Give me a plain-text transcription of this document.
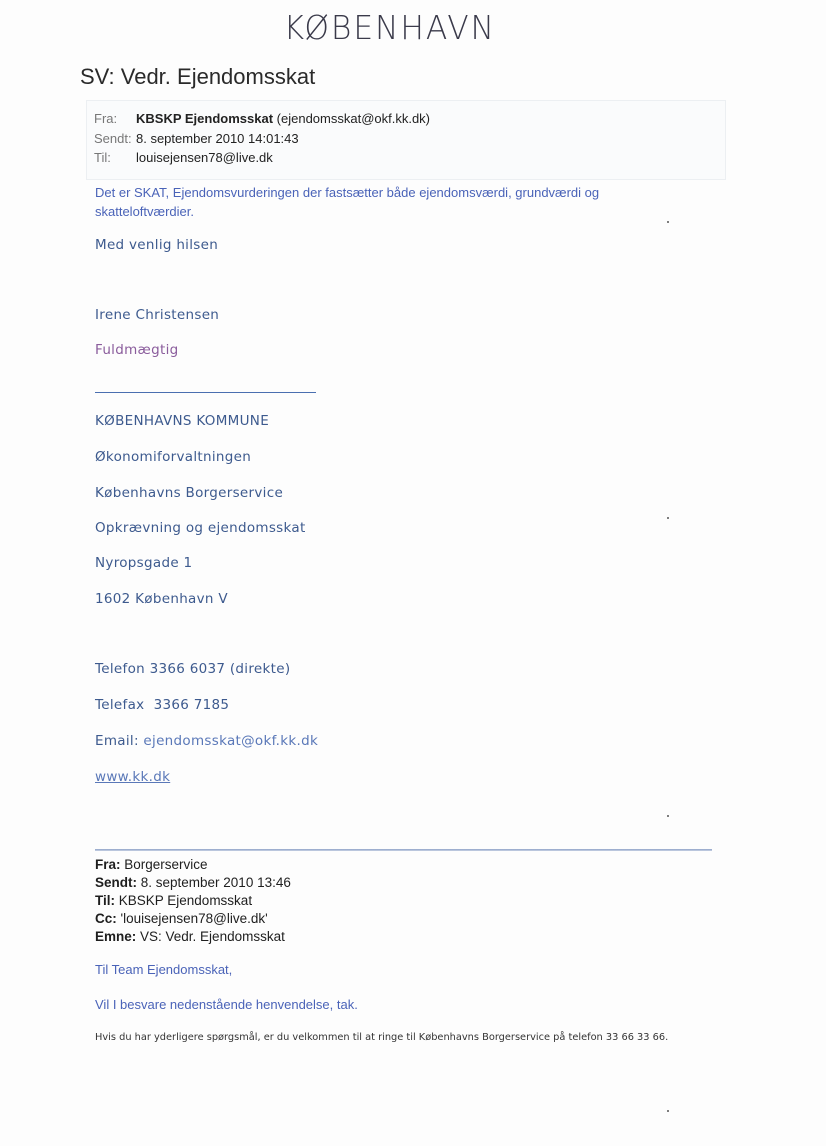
KØBENHAVN
SV: Vedr. Ejendomsskat
Fra: KBSKP Ejendomsskat (ejendomsskat@okf.kk.dk)
Sendt: 8. september 2010 14:01:43
Til: louisejensen78@live.dk
Det er SKAT, Ejendomsvurderingen der fastsætter både ejendomsværdi, grundværdi og
skatteloftværdier.
Med venlig hilsen
Irene Christensen
Fuldmægtig
KØBENHAVNS KOMMUNE
Økonomiforvaltningen
Københavns Borgerservice
Opkrævning og ejendomsskat
Nyropsgade 1
1602 København V
Telefon 3366 6037 (direkte)
Telefax  3366 7185
Email: ejendomsskat@okf.kk.dk
www.kk.dk
Fra: Borgerservice
Sendt: 8. september 2010 13:46
Til: KBSKP Ejendomsskat
Cc: 'louisejensen78@live.dk'
Emne: VS: Vedr. Ejendomsskat
Til Team Ejendomsskat,
Vil I besvare nedenstående henvendelse, tak.
Hvis du har yderligere spørgsmål, er du velkommen til at ringe til Københavns Borgerservice på telefon 33 66 33 66.
